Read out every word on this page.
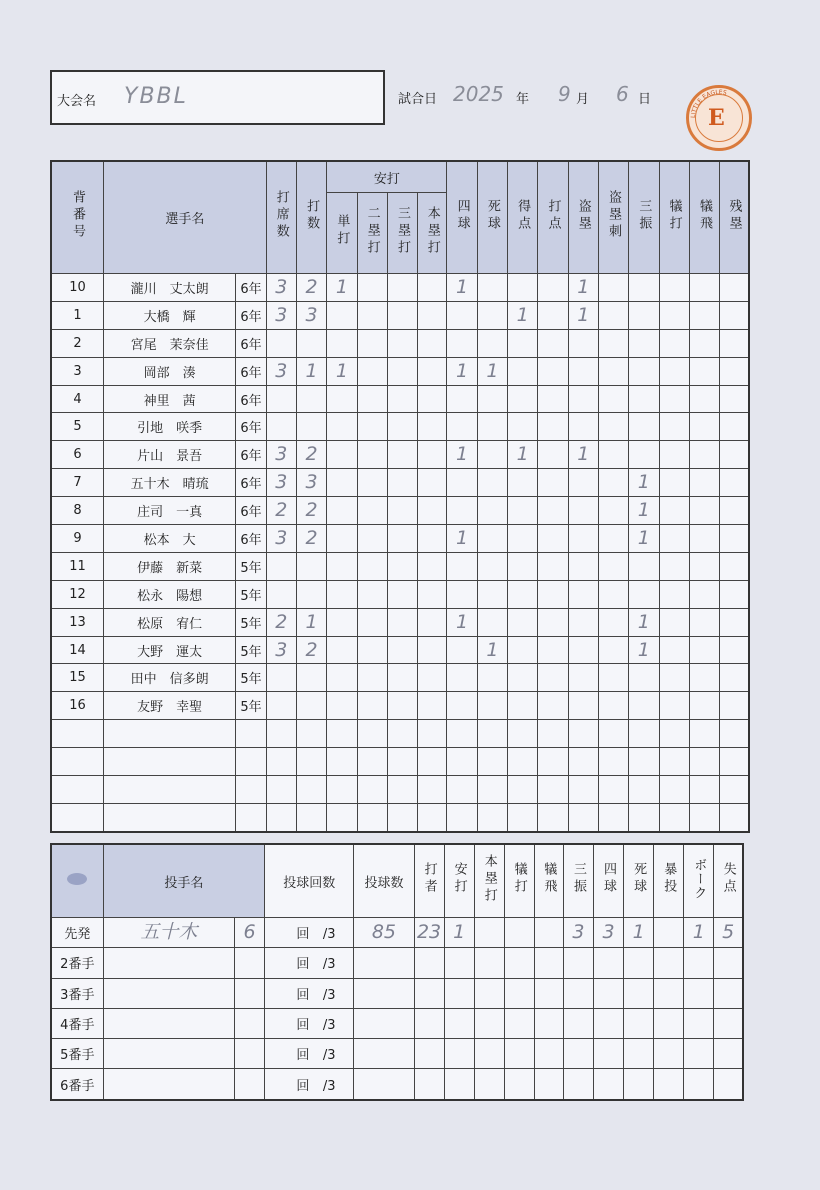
大会名 YBBL	試合日 2025 年 9 月 6 日
LITTLE EAGLES
E
背番号	選手名		打席数	打数	安打				四球	死球	得点	打点	盗塁	盗塁刺	三振	犠打	犠飛	残塁
					単打	二塁打	三塁打	本塁打										
10	瀧川　丈太朗	6年	3	2	1				1				1					
1	大橋　輝	6年	3	3							1		1					
2	宮尾　茉奈佳	6年																
3	岡部　湊	6年	3	1	1				1	1								
4	神里　茜	6年																
5	引地　咲季	6年																
6	片山　景吾	6年	3	2					1		1		1					
7	五十木　晴琉	6年	3	3											1			
8	庄司　一真	6年	2	2											1			
9	松本　大	6年	3	2					1						1			
11	伊藤　新菜	5年																
12	松永　陽想	5年																
13	松原　宥仁	5年	2	1					1						1			
14	大野　運太	5年	3	2						1					1			
15	田中　信多朗	5年																
16	友野　幸聖	5年																

	投手名		投球回数	投球数	打者	安打	本塁打	犠打	犠飛	三振	四球	死球	暴投	ボーク	失点
先発	五十木	6	回 /3	85	23	1				3	3	1		1	5
2番手			回 /3												
3番手			回 /3												
4番手			回 /3												
5番手			回 /3												
6番手			回 /3												
